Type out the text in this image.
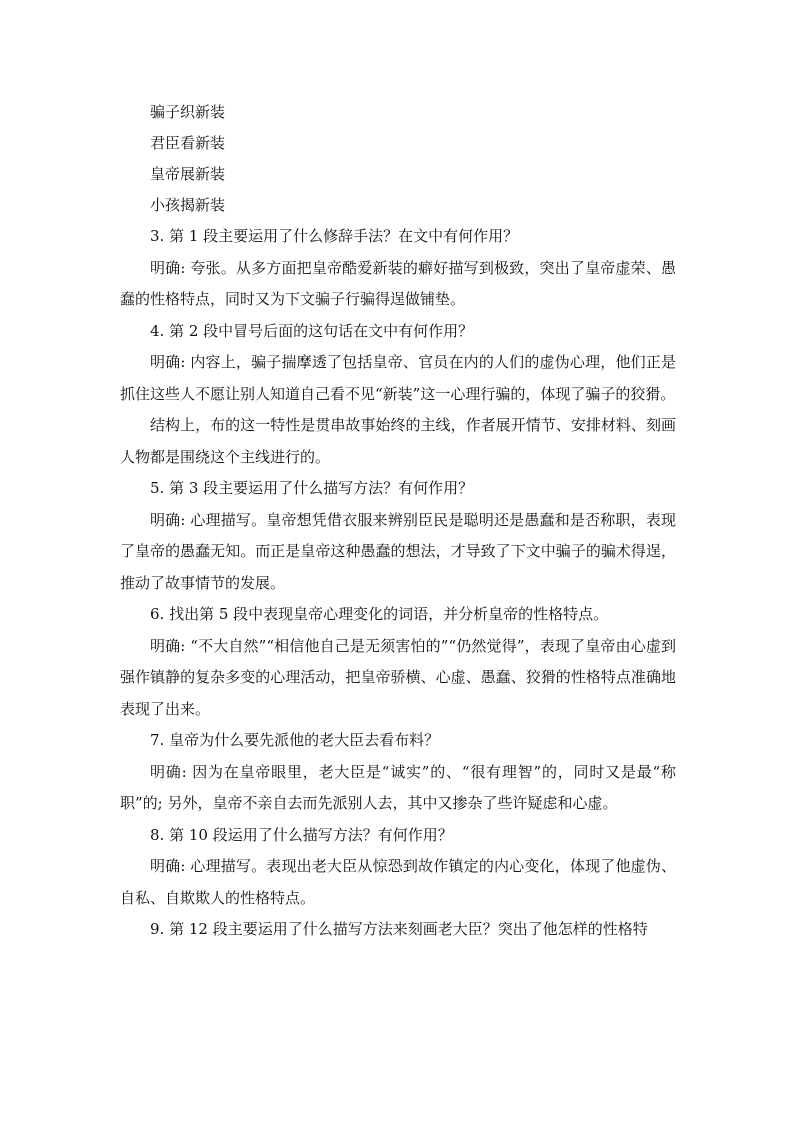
骗子织新装

君臣看新装

皇帝展新装

小孩揭新装

3. 第 1 段主要运用了什么修辞手法？在文中有何作用？

明确: 夸张。从多方面把皇帝酷爱新装的癖好描写到极致，突出了皇帝虚荣、愚蠢的性格特点，同时又为下文骗子行骗得逞做铺垫。

4. 第 2 段中冒号后面的这句话在文中有何作用？

明确: 内容上，骗子揣摩透了包括皇帝、官员在内的人们的虚伪心理，他们正是抓住这些人不愿让别人知道自己看不见“新装”这一心理行骗的，体现了骗子的狡猾。

结构上，布的这一特性是贯串故事始终的主线，作者展开情节、安排材料、刻画人物都是围绕这个主线进行的。

5. 第 3 段主要运用了什么描写方法？有何作用？

明确: 心理描写。皇帝想凭借衣服来辨别臣民是聪明还是愚蠢和是否称职，表现了皇帝的愚蠢无知。而正是皇帝这种愚蠢的想法，才导致了下文中骗子的骗术得逞，推动了故事情节的发展。

6. 找出第 5 段中表现皇帝心理变化的词语，并分析皇帝的性格特点。

明确: “不大自然”“相信他自己是无须害怕的”“仍然觉得”，表现了皇帝由心虚到强作镇静的复杂多变的心理活动，把皇帝骄横、心虚、愚蠢、狡猾的性格特点准确地表现了出来。

7. 皇帝为什么要先派他的老大臣去看布料？

明确: 因为在皇帝眼里，老大臣是“诚实”的、“很有理智”的，同时又是最“称职”的; 另外，皇帝不亲自去而先派别人去，其中又掺杂了些许疑虑和心虚。

8. 第 10 段运用了什么描写方法？有何作用？

明确: 心理描写。表现出老大臣从惊恐到故作镇定的内心变化，体现了他虚伪、自私、自欺欺人的性格特点。

9. 第 12 段主要运用了什么描写方法来刻画老大臣？突出了他怎样的性格特
